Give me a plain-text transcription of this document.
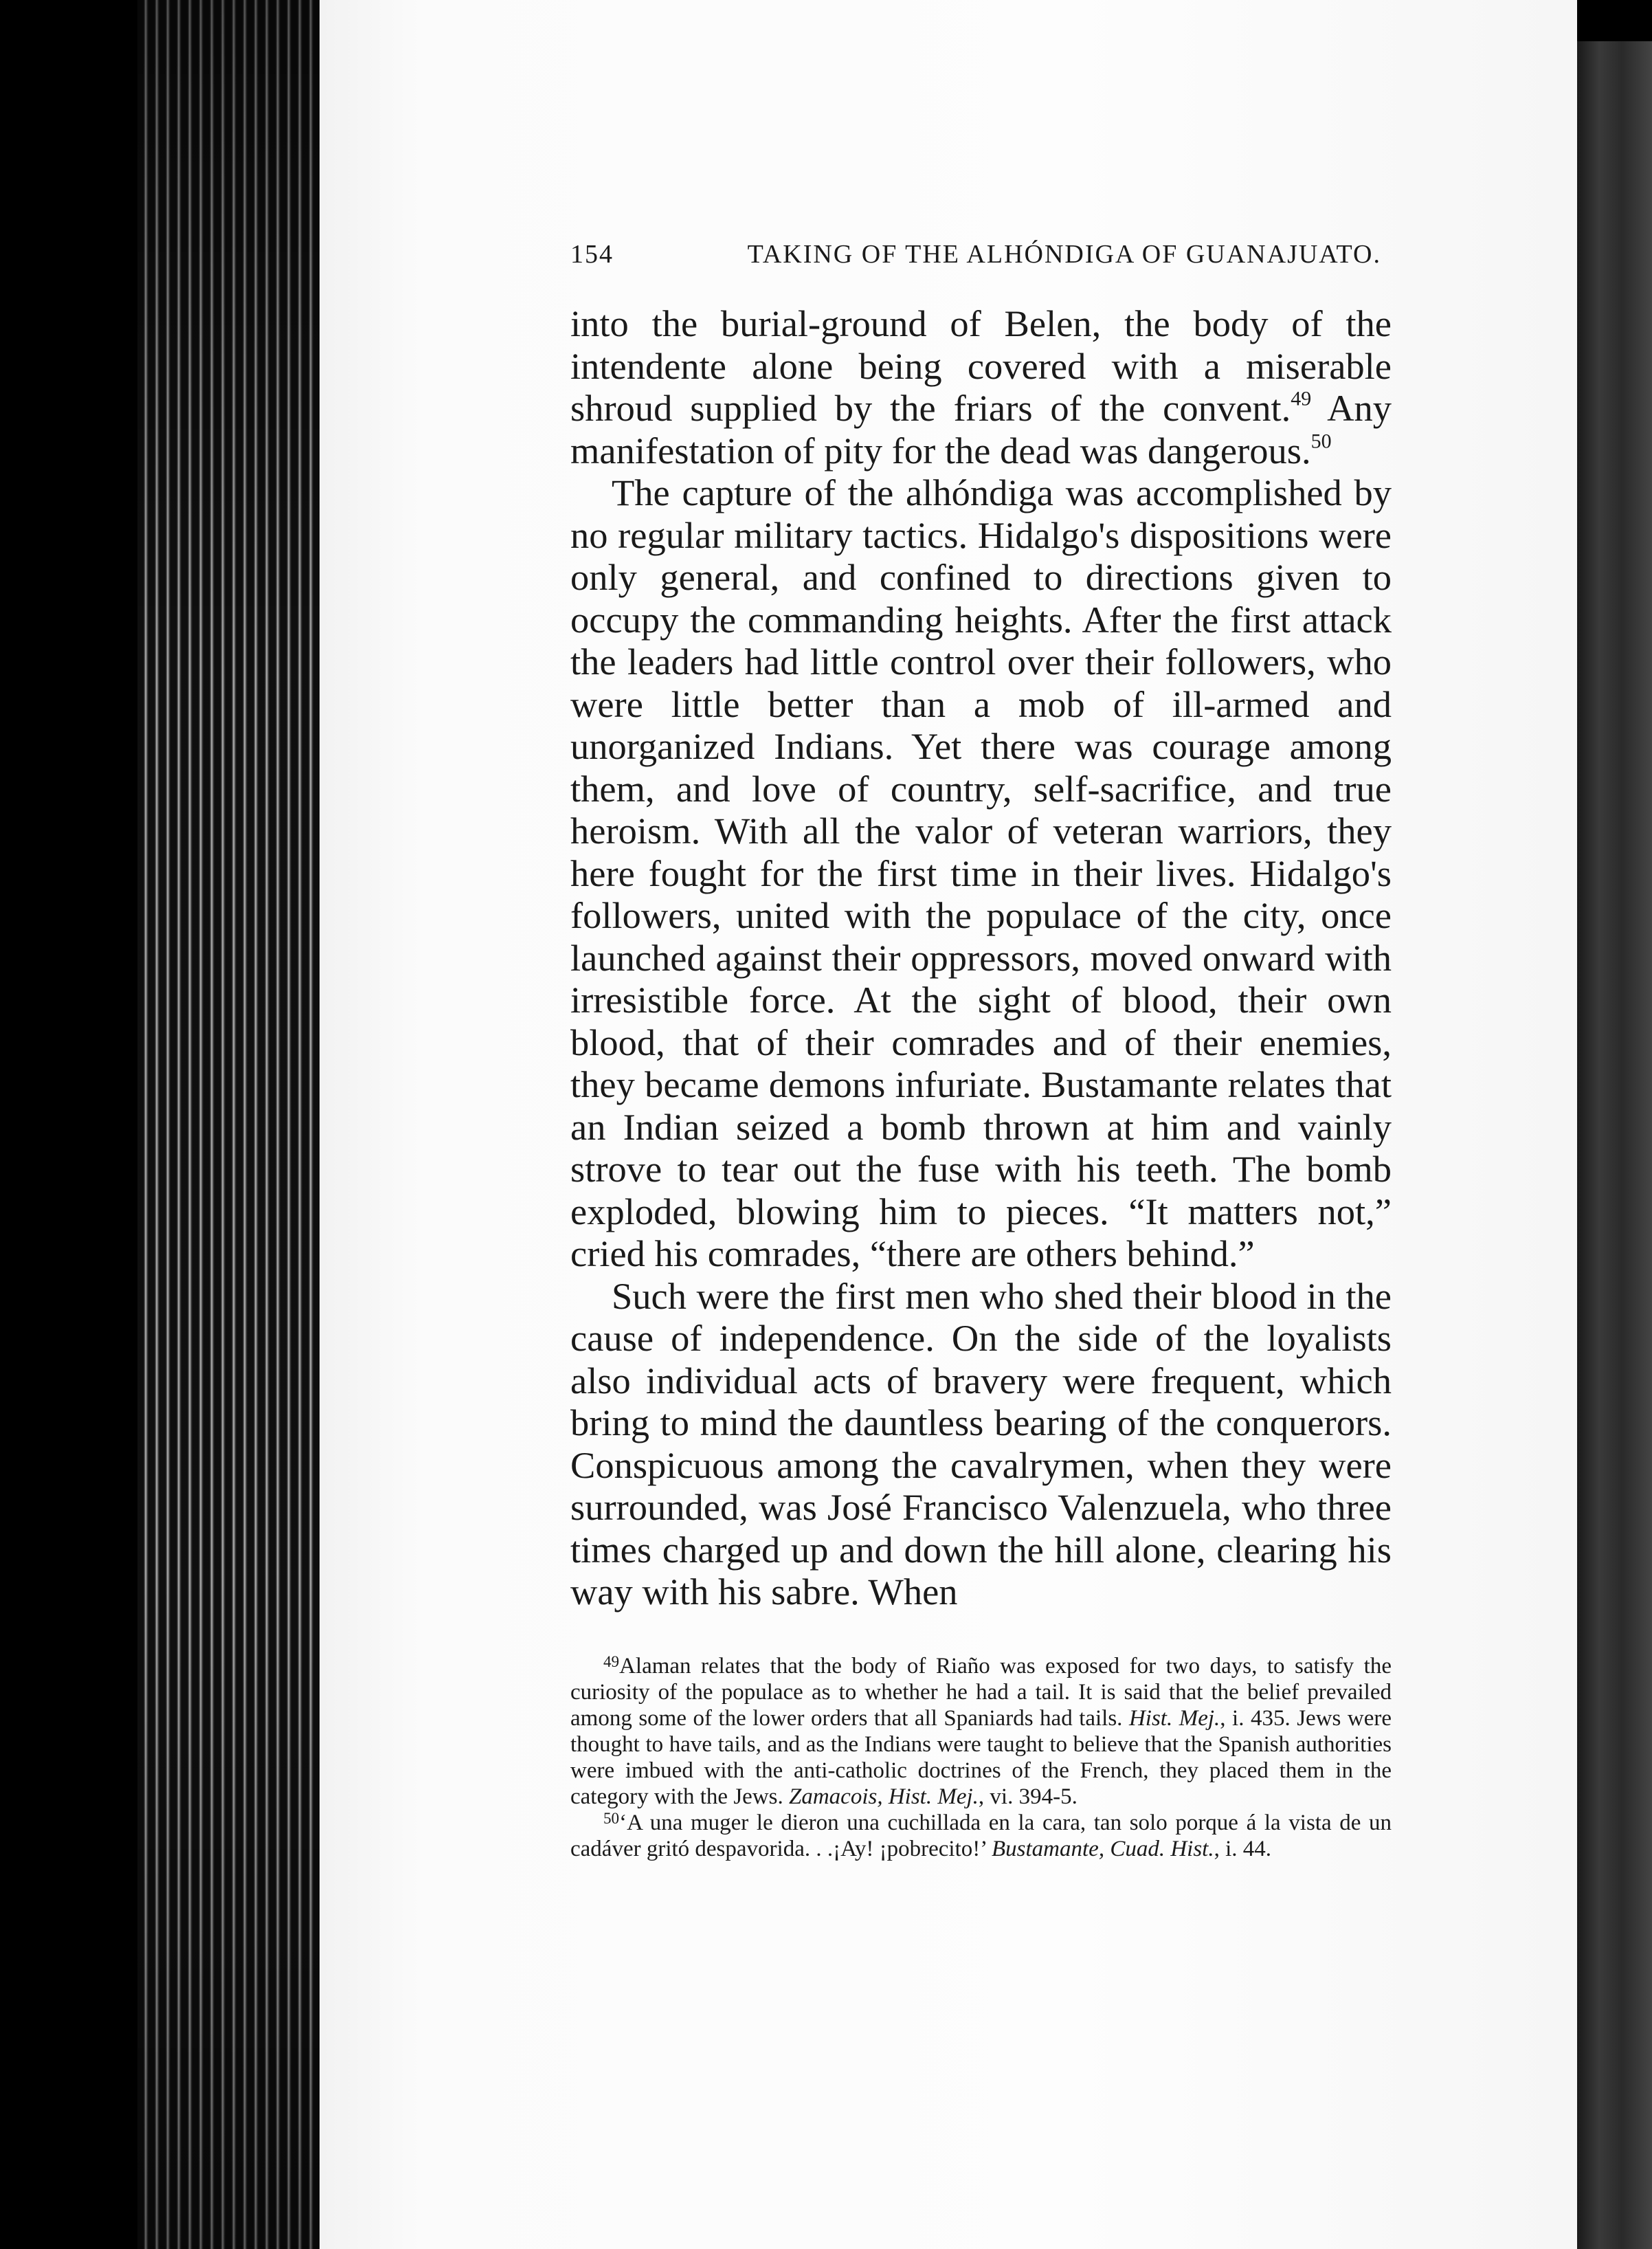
154	TAKING OF THE ALHÓNDIGA OF GUANAJUATO.

into the burial-ground of Belen, the body of the intendente alone being covered with a miserable shroud supplied by the friars of the convent.$^{49}$ Any manifestation of pity for the dead was dangerous.$^{50}$

The capture of the alhóndiga was accomplished by no regular military tactics. Hidalgo's dispositions were only general, and confined to directions given to occupy the commanding heights. After the first attack the leaders had little control over their followers, who were little better than a mob of ill-armed and unorganized Indians. Yet there was courage among them, and love of country, self-sacrifice, and true heroism. With all the valor of veteran warriors, they here fought for the first time in their lives. Hidalgo's followers, united with the populace of the city, once launched against their oppressors, moved onward with irresistible force. At the sight of blood, their own blood, that of their comrades and of their enemies, they became demons infuriate. Bustamante relates that an Indian seized a bomb thrown at him and vainly strove to tear out the fuse with his teeth. The bomb exploded, blowing him to pieces. “It matters not,” cried his comrades, “there are others behind.”

Such were the first men who shed their blood in the cause of independence. On the side of the loyalists also individual acts of bravery were frequent, which bring to mind the dauntless bearing of the conquerors. Conspicuous among the cavalrymen, when they were surrounded, was José Francisco Valenzuela, who three times charged up and down the hill alone, clearing his way with his sabre. When

$^{49}$Alaman relates that the body of Riaño was exposed for two days, to satisfy the curiosity of the populace as to whether he had a tail. It is said that the belief prevailed among some of the lower orders that all Spaniards had tails. Hist. Mej., i. 435. Jews were thought to have tails, and as the Indians were taught to believe that the Spanish authorities were imbued with the anti-catholic doctrines of the French, they placed them in the category with the Jews. Zamacois, Hist. Mej., vi. 394-5.

$^{50}$‘A una muger le dieron una cuchillada en la cara, tan solo porque á la vista de un cadáver gritó despavorida. . .¡Ay! ¡pobrecito!’ Bustamante, Cuad. Hist., i. 44.
